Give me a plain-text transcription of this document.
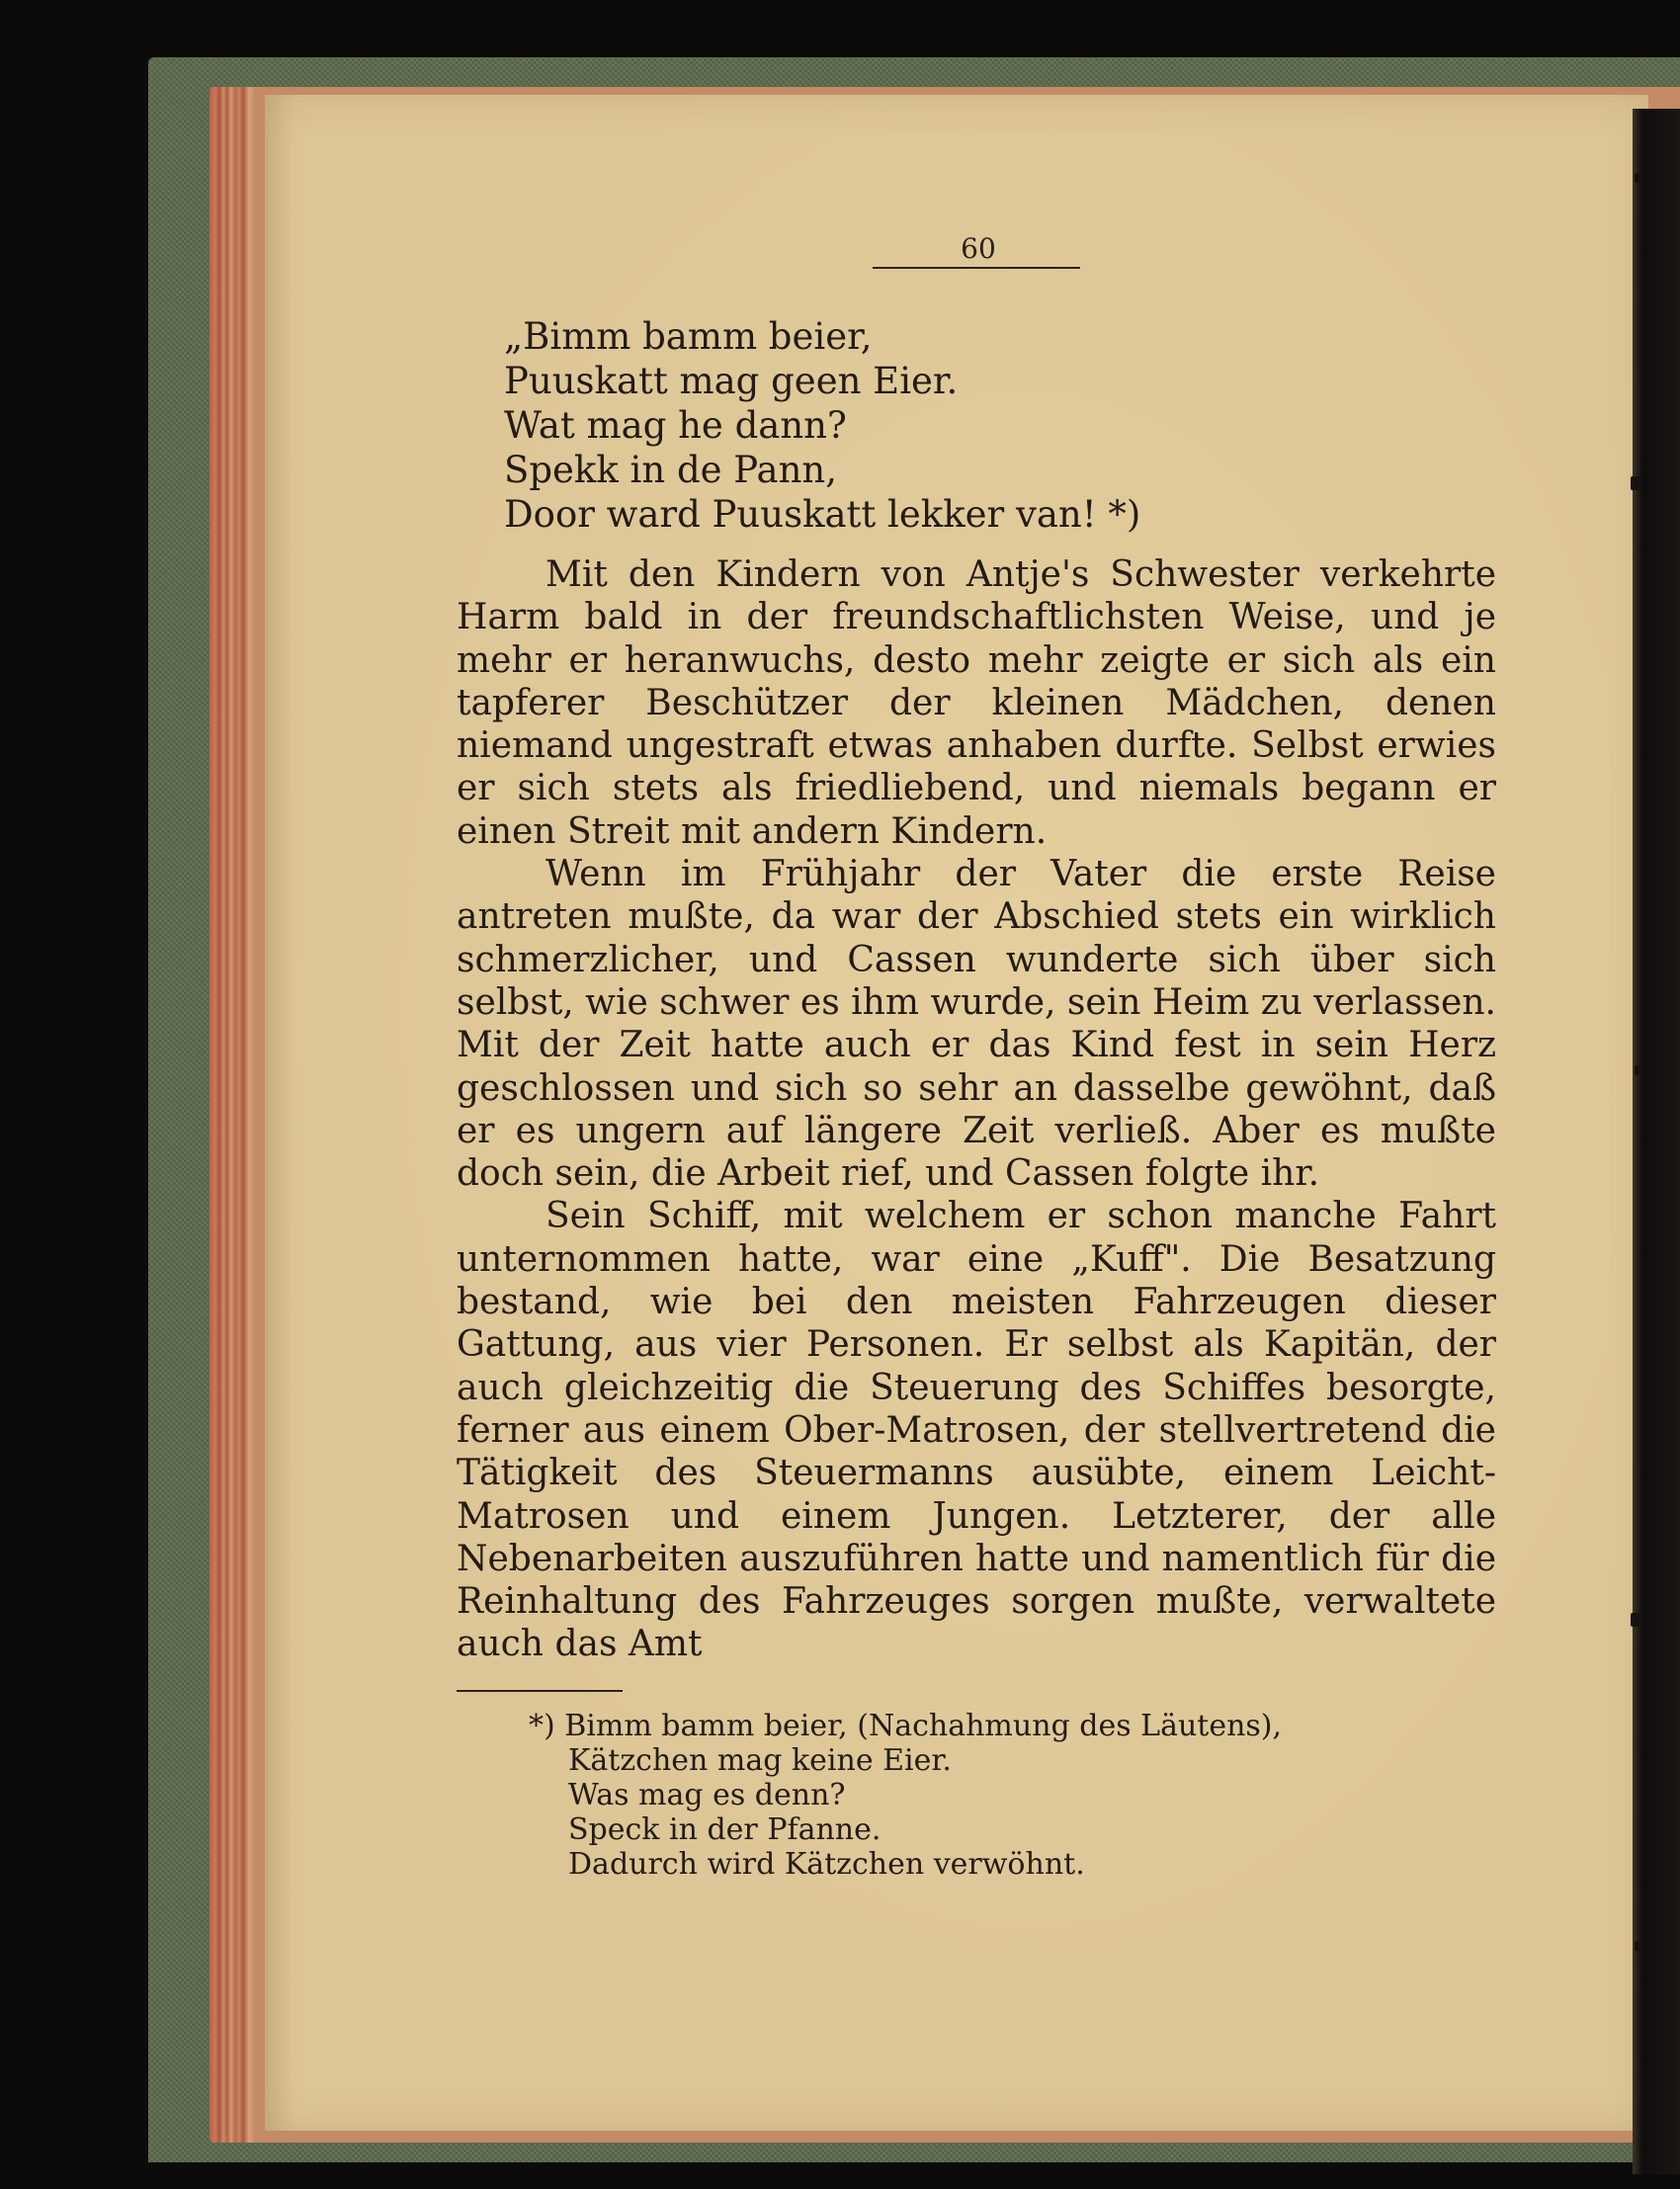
60
„Bimm bamm beier,
Puuskatt mag geen Eier.
Wat mag he dann?
Spekk in de Pann,
Door ward Puuskatt lekker van! *)

Mit den Kindern von Antje's Schwester verkehrte Harm bald in der freundschaftlichsten Weise, und je mehr er heranwuchs, desto mehr zeigte er sich als ein tapferer Beschützer der kleinen Mädchen, denen niemand ungestraft etwas anhaben durfte. Selbst erwies er sich stets als friedliebend, und niemals begann er einen Streit mit andern Kindern.

Wenn im Frühjahr der Vater die erste Reise antreten mußte, da war der Abschied stets ein wirklich schmerzlicher, und Cassen wunderte sich über sich selbst, wie schwer es ihm wurde, sein Heim zu verlassen. Mit der Zeit hatte auch er das Kind fest in sein Herz geschlossen und sich so sehr an dasselbe gewöhnt, daß er es ungern auf längere Zeit verließ. Aber es mußte doch sein, die Arbeit rief, und Cassen folgte ihr.

Sein Schiff, mit welchem er schon manche Fahrt unternommen hatte, war eine „Kuff". Die Besatzung bestand, wie bei den meisten Fahrzeugen dieser Gattung, aus vier Personen. Er selbst als Kapitän, der auch gleichzeitig die Steuerung des Schiffes besorgte, ferner aus einem Ober-Matrosen, der stellvertretend die Tätigkeit des Steuermanns ausübte, einem Leicht-Matrosen und einem Jungen. Letzterer, der alle Nebenarbeiten auszuführen hatte und namentlich für die Reinhaltung des Fahrzeuges sorgen mußte, verwaltete auch das Amt

*) Bimm bamm beier, (Nachahmung des Läutens),
Kätzchen mag keine Eier.
Was mag es denn?
Speck in der Pfanne.
Dadurch wird Kätzchen verwöhnt.
